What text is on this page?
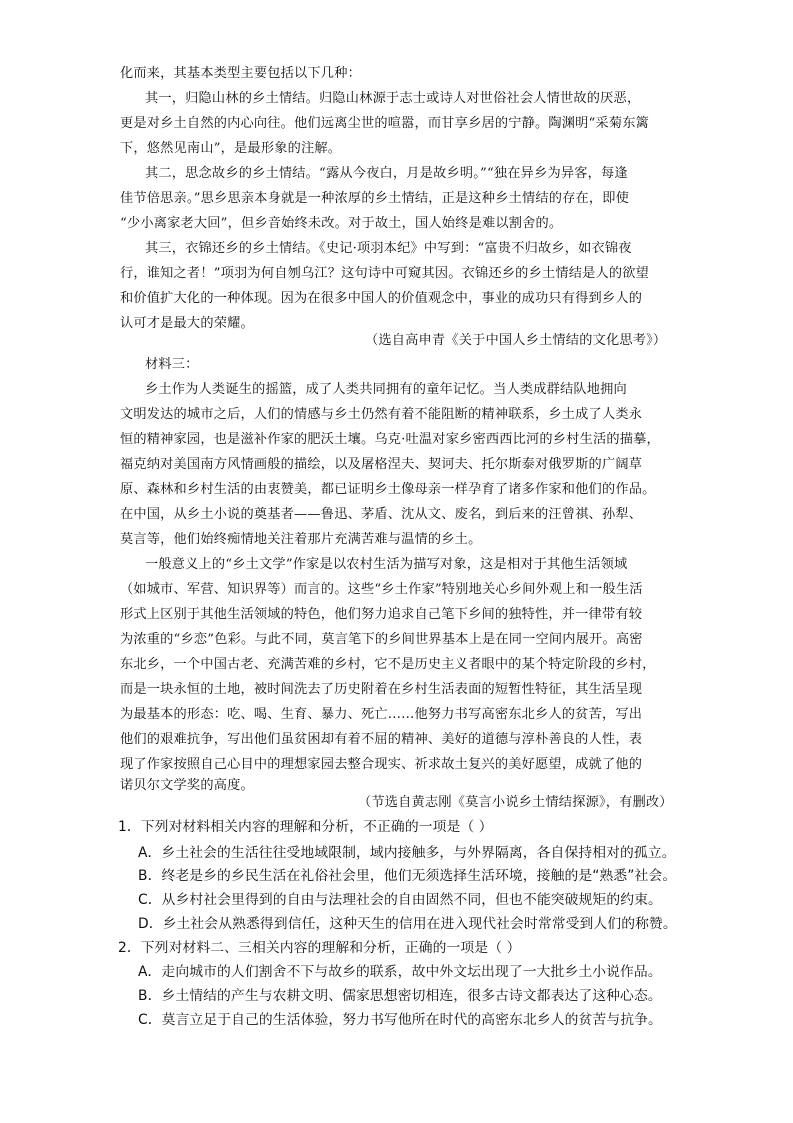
化而来，其基本类型主要包括以下几种：
其一，归隐山林的乡土情结。归隐山林源于志士或诗人对世俗社会人情世故的厌恶，
更是对乡土自然的内心向往。他们远离尘世的喧嚣，而甘享乡居的宁静。陶渊明“采菊东篱
下，悠然见南山”，是最形象的注解。
其二，思念故乡的乡土情结。“露从今夜白，月是故乡明。”“独在异乡为异客，每逢
佳节倍思亲。”思乡思亲本身就是一种浓厚的乡土情结，正是这种乡土情结的存在，即使
“少小离家老大回”，但乡音始终未改。对于故土，国人始终是难以割舍的。
其三，衣锦还乡的乡土情结。《史记·项羽本纪》中写到：“富贵不归故乡，如衣锦夜
行，谁知之者！”项羽为何自刎乌江？这句诗中可窥其因。衣锦还乡的乡土情结是人的欲望
和价值扩大化的一种体现。因为在很多中国人的价值观念中，事业的成功只有得到乡人的
认可才是最大的荣耀。
（选自高申青《关于中国人乡土情结的文化思考》）
材料三：
乡土作为人类诞生的摇篮，成了人类共同拥有的童年记忆。当人类成群结队地拥向
文明发达的城市之后，人们的情感与乡土仍然有着不能阻断的精神联系，乡土成了人类永
恒的精神家园，也是滋补作家的肥沃土壤。乌克·吐温对家乡密西西比河的乡村生活的描摹，
福克纳对美国南方风情画般的描绘，以及屠格涅夫、契诃夫、托尔斯泰对俄罗斯的广阔草
原、森林和乡村生活的由衷赞美，都已证明乡土像母亲一样孕育了诸多作家和他们的作品。
在中国，从乡土小说的奠基者——鲁迅、茅盾、沈从文、废名，到后来的汪曾祺、孙犁、
莫言等，他们始终痴情地关注着那片充满苦难与温情的乡土。
一般意义上的“乡土文学”作家是以农村生活为描写对象，这是相对于其他生活领域
（如城市、军营、知识界等）而言的。这些“乡土作家”特别地关心乡间外观上和一般生活
形式上区别于其他生活领域的特色，他们努力追求自己笔下乡间的独特性，并一律带有较
为浓重的“乡恋”色彩。与此不同，莫言笔下的乡间世界基本上是在同一空间内展开。高密
东北乡，一个中国古老、充满苦难的乡村，它不是历史主义者眼中的某个特定阶段的乡村，
而是一块永恒的土地，被时间洗去了历史附着在乡村生活表面的短暂性特征，其生活呈现
为最基本的形态：吃、喝、生育、暴力、死亡……他努力书写高密东北乡人的贫苦，写出
他们的艰难抗争，写出他们虽贫困却有着不屈的精神、美好的道德与淳朴善良的人性，表
现了作家按照自己心目中的理想家园去整合现实、祈求故土复兴的美好愿望，成就了他的
诺贝尔文学奖的高度。
（节选自黄志刚《莫言小说乡土情结探源》，有删改）
1．下列对材料相关内容的理解和分析，不正确的一项是（ ）
A．乡土社会的生活往往受地域限制，域内接触多，与外界隔离，各自保持相对的孤立。
B．终老是乡的乡民生活在礼俗社会里，他们无须选择生活环境，接触的是“熟悉”社会。
C．从乡村社会里得到的自由与法理社会的自由固然不同，但也不能突破规矩的约束。
D．乡土社会从熟悉得到信任，这种天生的信用在进入现代社会时常常受到人们的称赞。
2．下列对材料二、三相关内容的理解和分析，正确的一项是（ ）
A．走向城市的人们割舍不下与故乡的联系，故中外文坛出现了一大批乡土小说作品。
B．乡土情结的产生与农耕文明、儒家思想密切相连，很多古诗文都表达了这种心态。
C．莫言立足于自己的生活体验，努力书写他所在时代的高密东北乡人的贫苦与抗争。
